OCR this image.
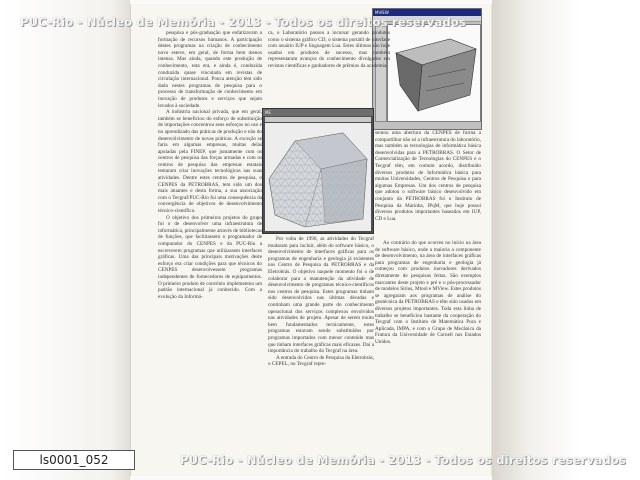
MVIEW
ME

pesquisa e pós-graduação que enfatizavam a formação de recursos humanos. A participação destes programas na criação de conhecimento novo esteve, em geral, de forma bem menos intensa. Mas ainda, quando este produção de conhecimento, esta era, e ainda é, conduzida conduzida quase vinculada em revistas de circulação internacional. Pouca atenção tem sido dada nestes programas de pesquisa para o processo de transformação de conhecimento em inovação de produtos e serviços que sejam levados à sociedade.

A indústria nacional privada, que em geral, também se beneficiou do esforço de substituição de importações concentrou seus esforços no uso e no aprendizado das práticas de produção e não do desenvolvimento de novas práticas. A exceção se faria em algumas empresas, muitas delas apoiadas pela FINEP, que juntamente com os centros de pesquisa das forças armadas e com os centros de pesquisa das empresas estatais tentaram criar inovações tecnológicas nas suas atividades. Dentre estes centros de pesquisa, o CENPES da PETROBRAS, tem sido um dos mais atuantes e desta forma, a sua associação com o Tecgraf/PUC-Rio foi uma consequência da convergência de objetivos de desenvolvimento técnico-científico.

O objetivo dos primeiros projetos do grupo foi o de desenvolver uma infraestrutura de informática, principalmente através de bibliotecas de funções, que facilitassem o programador de computador do CENPES e da PUC-Rio a escreverem programas que utilizassem interfaces gráficas. Uma das principais motivações deste esforço era criar condições para que técnicos do CENPES desenvolvessem programas independentes de fornecedores de equipamentos. O primeiro produto de convênio implementou um padrão internacional já conhecido. Com a evolução da Informá-

ca, o Laboratório passou a incursar gerando produtos como o sistema gráfico CD, o sistema portátil de interface com usuário IUP e linguagem Lua. Estes últimos são hoje usados em produtos de sucesso, mas também representaram avanços do conhecimento divulgados em revistas científicas e ganhadores de prêmios da academia.

Por volta de 1990, as atividades do Tecgraf mudaram para incluir, além do software básico, o desenvolvimento de interfaces gráficas para os programas de engenharia e geologia já existentes nos Centro de Pesquisa da PETROBRAS e da Eletrobrás. O objetivo naquele momento foi o de colaborar para a manutenção da atividade de desenvolvimento de programas técnico-científicos nos centros de pesquisa. Estes programas tinham sido desenvolvidos nas últimas décadas e continham uma grande parte do conhecimento operacional dos serviços complexos envolvidos nas atividades de projeto. Apesar de serem muito bem fundamentados tecnicamente, estes programas estavam sendo substituídos por programas importados com menor conteúdo mas que tinham interfaces gráficas mais eficazes. Daí a importância do trabalho do Tecgraf na área.

A entrada do Centro de Pesquisa da Eletrobrás, o CEPEL, no Tecgraf repre-

sentou uma abertura da CENPES de forma a compartilhar não só a infraestrutura do laboratório, mas também as tecnologias de informática básica desenvolvidas para a PETROBRAS. O Setor de Comercialização de Tecnologias do CENPES e o Tecgraf têm, em comum acordo, distribuído diversos produtos de Informática básica para muitas Universidades, Centros de Pesquisa e para algumas Empresas. Um dos centros de pesquisa que adotou o software básico desenvolvido em conjunto da PETROBRAS foi o Instituto de Pesquisa da Marinha, IPqM, que hoje possui diversos produtos importantes baseados em IUP, CD e Lua.

Ao contrário do que ocorreu no início na área de software básico, onde a maioria a componente de desenvolvimento, na área de interfaces gráficas para programas de engenharia e geologia já começou com produtos inovadores derivados diretamente de pesquisas feitas. São exemplos marcantes deste projeto e pré e o pós-processador de modelos Sirius, Mtool e MView. Estes produtos se agregaram aos programas de análise do geotécnica da PETROBRAS e têm sido usados em diversos projetos importantes. Toda esta linha de trabalho se beneficiou bastante da cooperação do Tecgraf com o Instituto de Matemática Pura e Aplicada, IMPA, e com o Grupo de Mecânica da Fratura da Universidade de Cornell nos Estados Unidos.

PUC-Rio - Núcleo de Memória - 2013 - Todos os direitos reservados
PUC-Rio - Núcleo de Memória - 2013 - Todos os direitos reservados
ls0001_052
